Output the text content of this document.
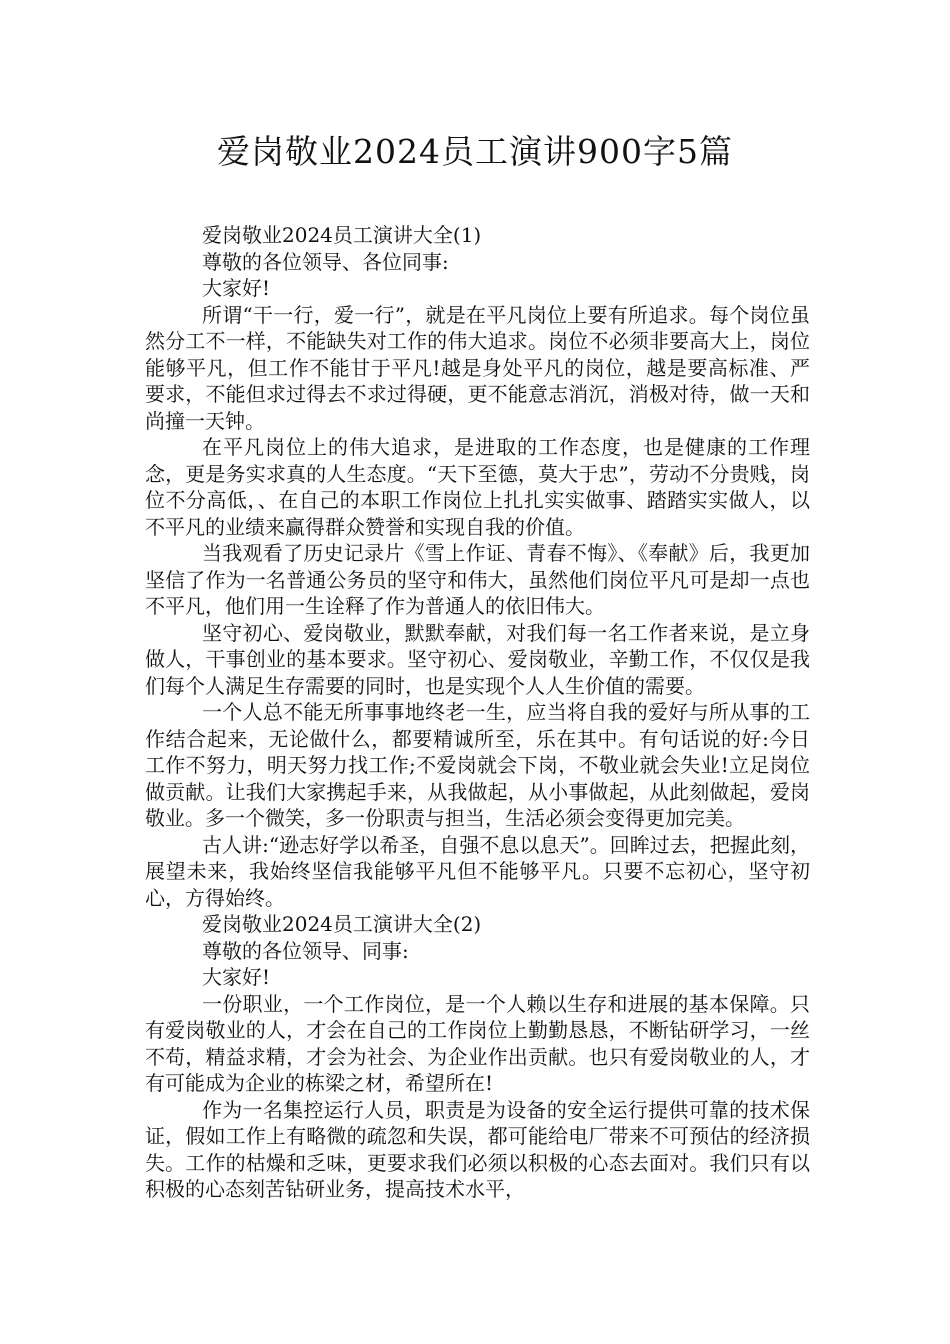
爱岗敬业2024员工演讲900字5篇

爱岗敬业2024员工演讲大全(1)

尊敬的各位领导、各位同事:

大家好!

所谓“干一行，爱一行”，就是在平凡岗位上要有所追求。每个岗位虽然分工不一样，不能缺失对工作的伟大追求。岗位不必须非要高大上，岗位能够平凡，但工作不能甘于平凡!越是身处平凡的岗位，越是要高标准、严要求，不能但求过得去不求过得硬，更不能意志消沉，消极对待，做一天和尚撞一天钟。

在平凡岗位上的伟大追求，是进取的工作态度，也是健康的工作理念，更是务实求真的人生态度。“天下至德，莫大于忠”，劳动不分贵贱，岗位不分高低，、在自己的本职工作岗位上扎扎实实做事、踏踏实实做人，以不平凡的业绩来赢得群众赞誉和实现自我的价值。

当我观看了历史记录片《雪上作证、青春不悔》、《奉献》后，我更加坚信了作为一名普通公务员的坚守和伟大，虽然他们岗位平凡可是却一点也不平凡，他们用一生诠释了作为普通人的依旧伟大。

坚守初心、爱岗敬业，默默奉献，对我们每一名工作者来说，是立身做人，干事创业的基本要求。坚守初心、爱岗敬业，辛勤工作，不仅仅是我们每个人满足生存需要的同时，也是实现个人人生价值的需要。

一个人总不能无所事事地终老一生，应当将自我的爱好与所从事的工作结合起来，无论做什么，都要精诚所至，乐在其中。有句话说的好:今日工作不努力，明天努力找工作;不爱岗就会下岗，不敬业就会失业!立足岗位做贡献。让我们大家携起手来，从我做起，从小事做起，从此刻做起，爱岗敬业。多一个微笑，多一份职责与担当，生活必须会变得更加完美。

古人讲:“逊志好学以希圣，自强不息以息天”。回眸过去，把握此刻，展望未来，我始终坚信我能够平凡但不能够平凡。只要不忘初心，坚守初心，方得始终。

爱岗敬业2024员工演讲大全(2)

尊敬的各位领导、同事:

大家好!

一份职业，一个工作岗位，是一个人赖以生存和进展的基本保障。只有爱岗敬业的人，才会在自己的工作岗位上勤勤恳恳，不断钻研学习，一丝不苟，精益求精，才会为社会、为企业作出贡献。也只有爱岗敬业的人，才有可能成为企业的栋梁之材，希望所在!

作为一名集控运行人员，职责是为设备的安全运行提供可靠的技术保证，假如工作上有略微的疏忽和失误，都可能给电厂带来不可预估的经济损失。工作的枯燥和乏味，更要求我们必须以积极的心态去面对。我们只有以积极的心态刻苦钻研业务，提高技术水平，
